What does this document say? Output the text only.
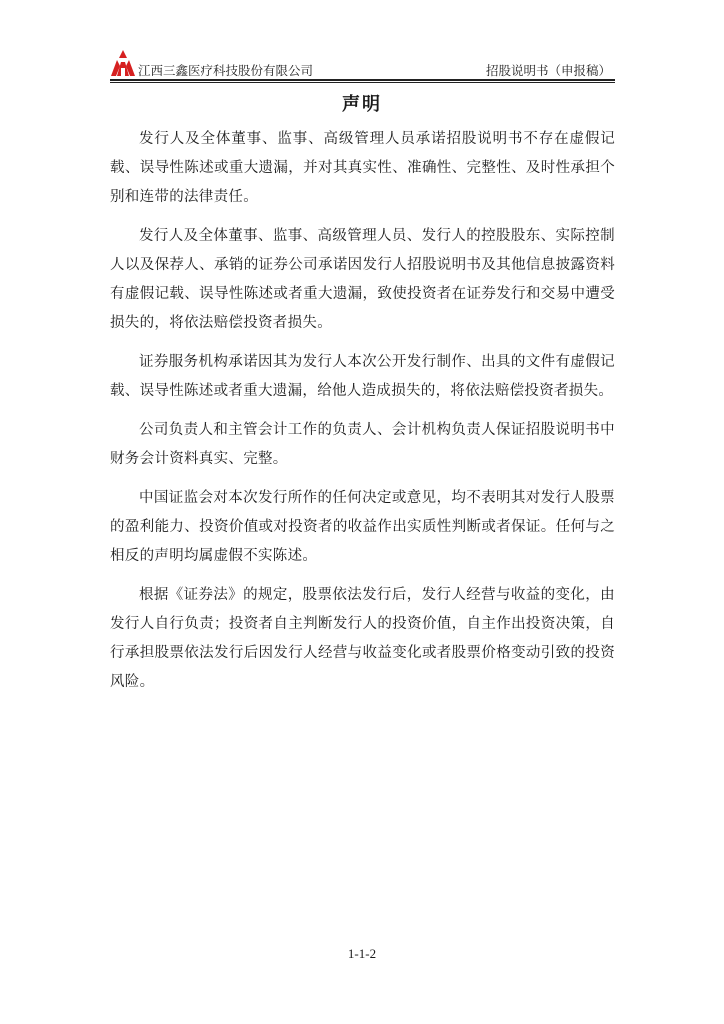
江西三鑫医疗科技股份有限公司	招股说明书（申报稿）
声明

发行人及全体董事、监事、高级管理人员承诺招股说明书不存在虚假记载、误导性陈述或重大遗漏，并对其真实性、准确性、完整性、及时性承担个别和连带的法律责任。

发行人及全体董事、监事、高级管理人员、发行人的控股股东、实际控制人以及保荐人、承销的证券公司承诺因发行人招股说明书及其他信息披露资料有虚假记载、误导性陈述或者重大遗漏，致使投资者在证券发行和交易中遭受损失的，将依法赔偿投资者损失。

证券服务机构承诺因其为发行人本次公开发行制作、出具的文件有虚假记载、误导性陈述或者重大遗漏，给他人造成损失的，将依法赔偿投资者损失。

公司负责人和主管会计工作的负责人、会计机构负责人保证招股说明书中财务会计资料真实、完整。

中国证监会对本次发行所作的任何决定或意见，均不表明其对发行人股票的盈利能力、投资价值或对投资者的收益作出实质性判断或者保证。任何与之相反的声明均属虚假不实陈述。

根据《证券法》的规定，股票依法发行后，发行人经营与收益的变化，由发行人自行负责；投资者自主判断发行人的投资价值，自主作出投资决策，自行承担股票依法发行后因发行人经营与收益变化或者股票价格变动引致的投资风险。

1-1-2
